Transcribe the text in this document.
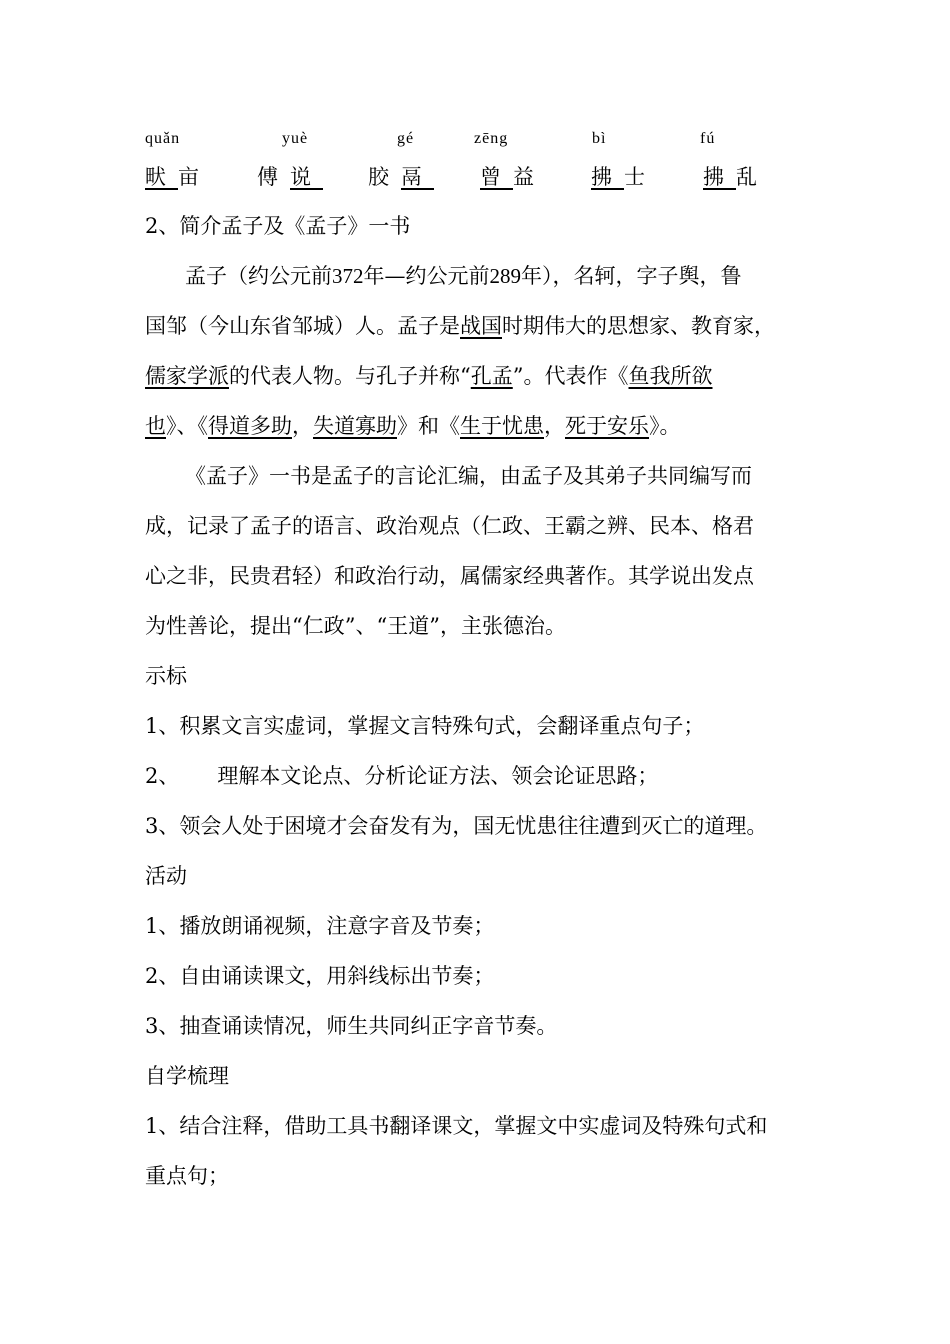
quǎn	yuè	gé	zēng	bì	fú
畎亩 傅说 胶鬲 曾益 拂士 拂乱
2、简介孟子及《孟子》一书
孟子（约公元前372年—约公元前289年），名轲，字子舆，鲁
国邹（今山东省邹城）人。孟子是战国时期伟大的思想家、教育家，
儒家学派的代表人物。与孔子并称“孔孟”。代表作《鱼我所欲
也》、《得道多助，失道寡助》和《生于忧患，死于安乐》。
《孟子》一书是孟子的言论汇编，由孟子及其弟子共同编写而
成，记录了孟子的语言、政治观点（仁政、王霸之辨、民本、格君
心之非，民贵君轻）和政治行动，属儒家经典著作。其学说出发点
为性善论，提出“仁政”、“王道”，主张德治。
示标
1、积累文言实虚词，掌握文言特殊句式，会翻译重点句子；
2、 理解本文论点、分析论证方法、领会论证思路；
3、领会人处于困境才会奋发有为，国无忧患往往遭到灭亡的道理。
活动
1、播放朗诵视频，注意字音及节奏；
2、自由诵读课文，用斜线标出节奏；
3、抽查诵读情况，师生共同纠正字音节奏。
自学梳理
1、结合注释，借助工具书翻译课文，掌握文中实虚词及特殊句式和
重点句；
